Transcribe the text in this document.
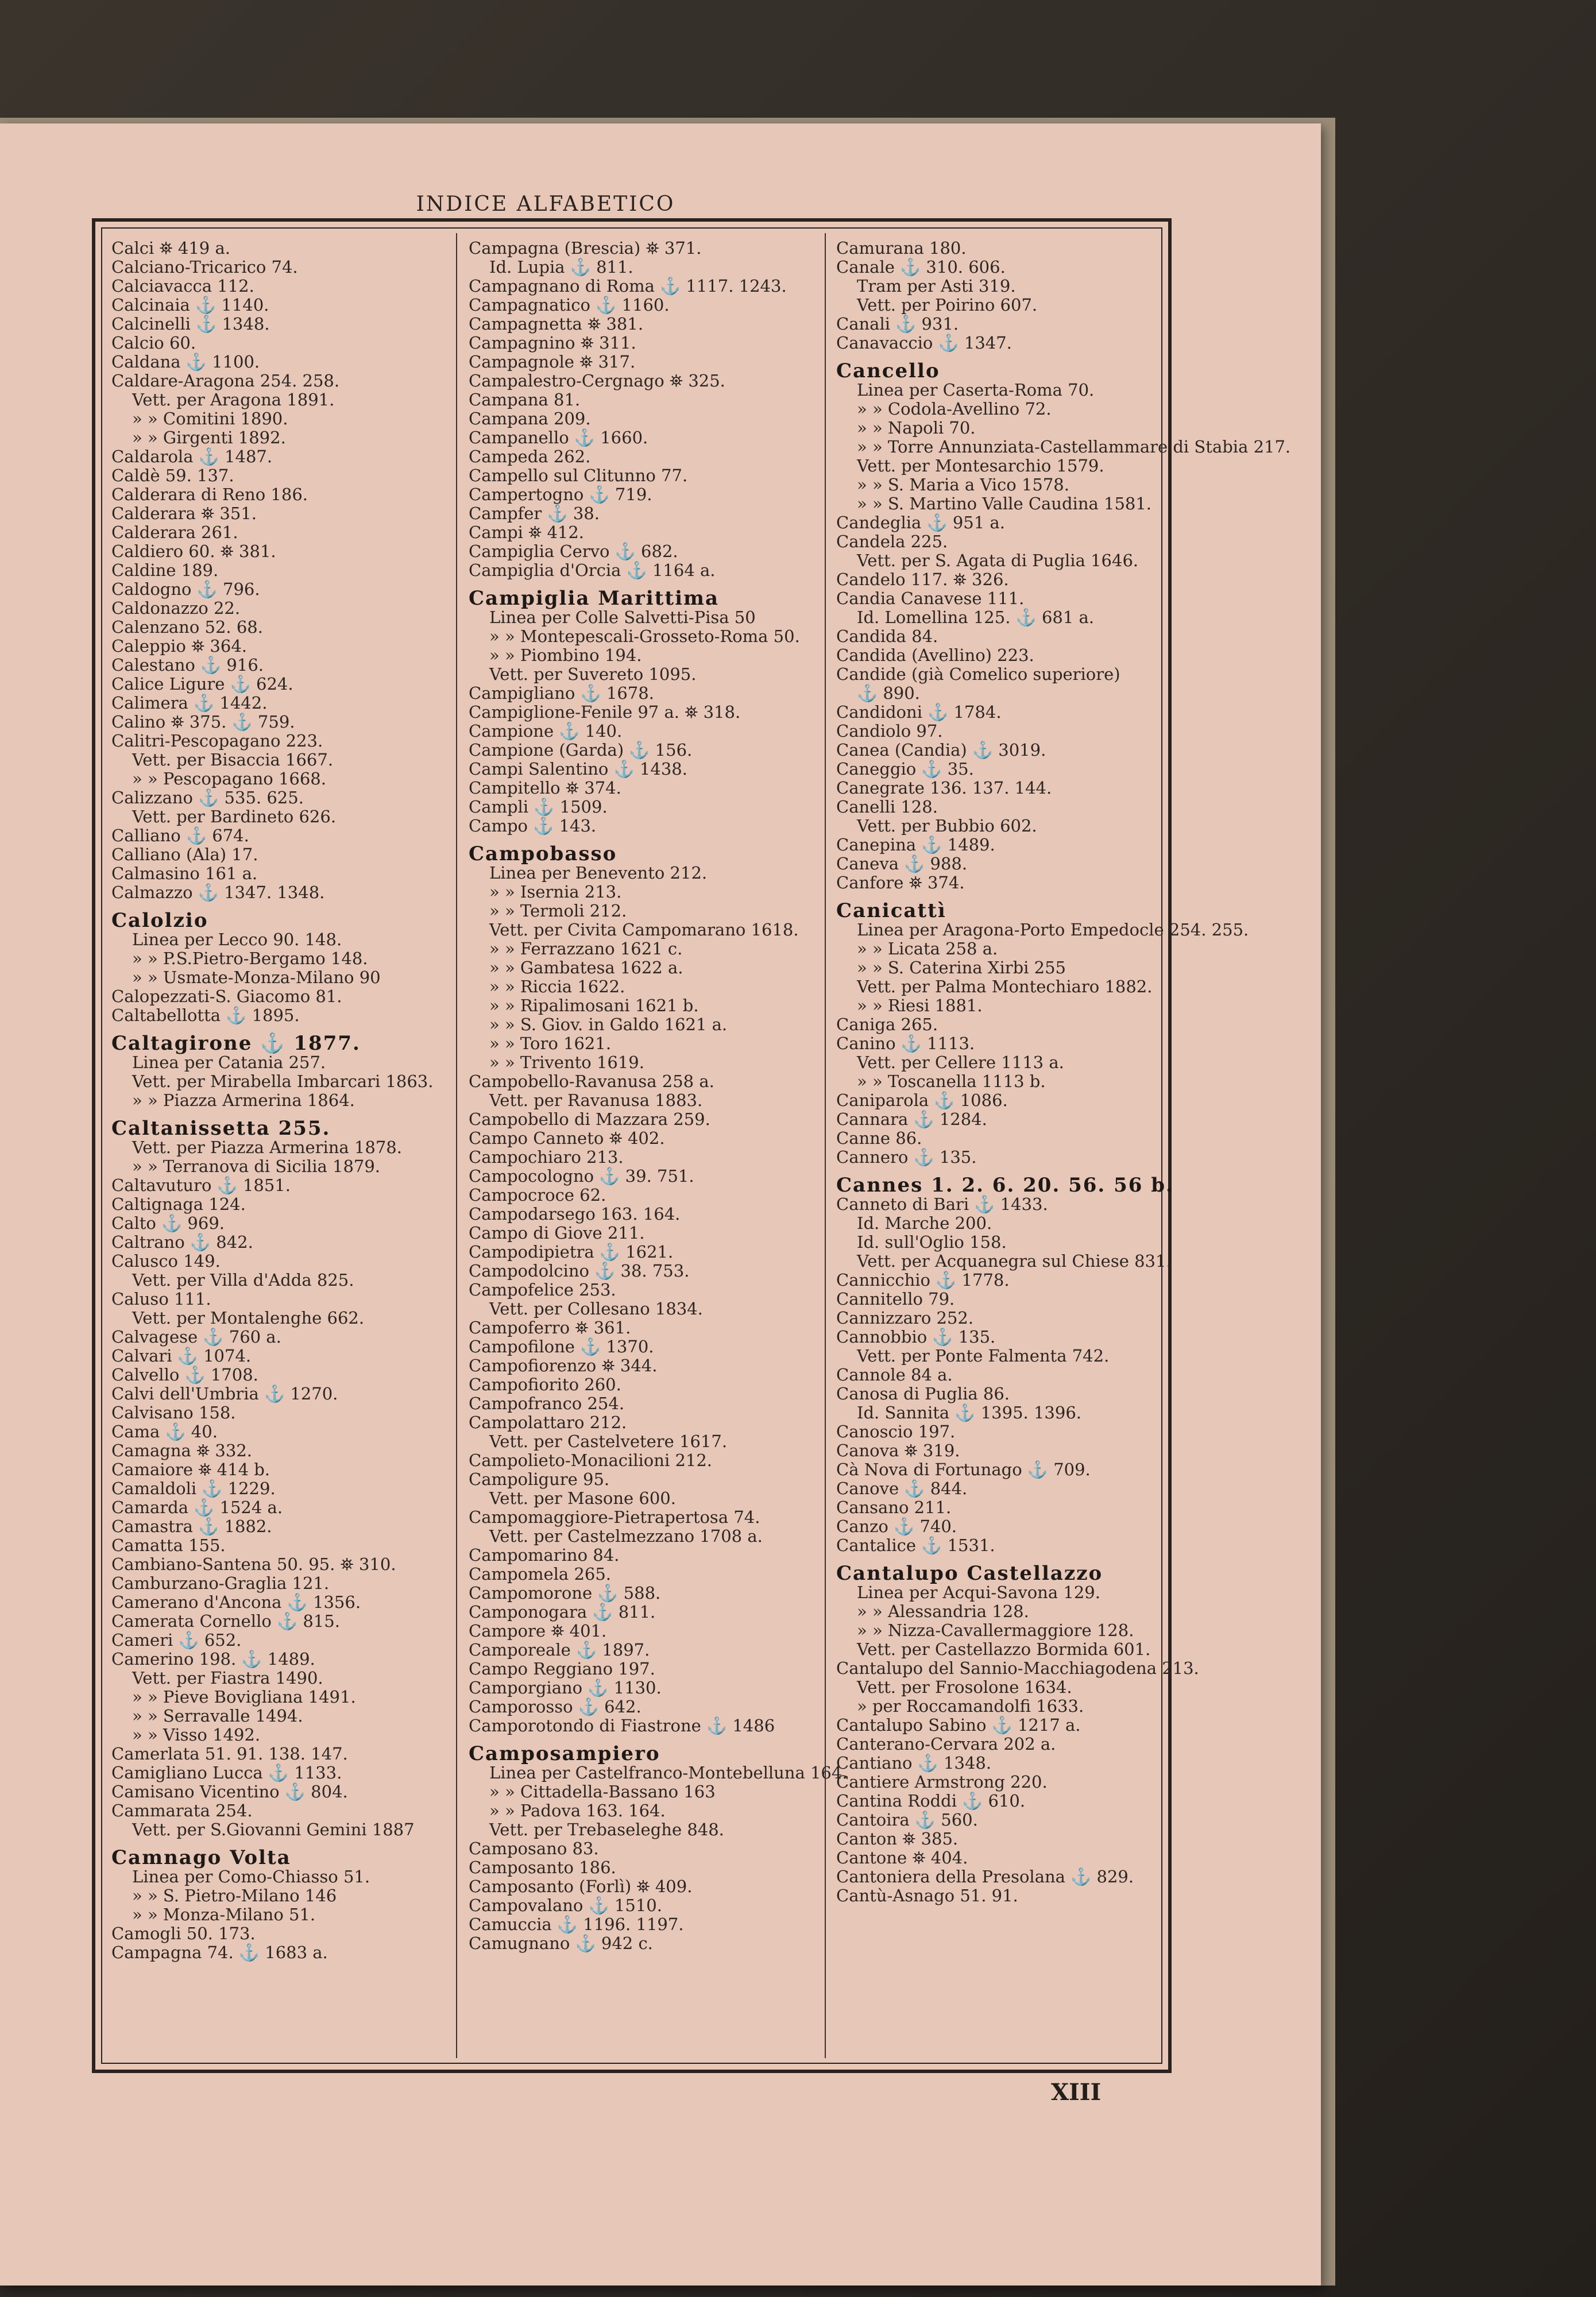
INDICE ALFABETICO
Calci ⛯ 419 a.
Calciano-Tricarico 74.
Calciavacca 112.
Calcinaia ⚓ 1140.
Calcinelli ⚓ 1348.
Calcio 60.
Caldana ⚓ 1100.
Caldare-Aragona 254. 258.
Vett. per Aragona 1891.
» » Comitini 1890.
» » Girgenti 1892.
Caldarola ⚓ 1487.
Caldè 59. 137.
Calderara di Reno 186.
Calderara ⛯ 351.
Calderara 261.
Caldiero 60. ⛯ 381.
Caldine 189.
Caldogno ⚓ 796.
Caldonazzo 22.
Calenzano 52. 68.
Caleppio ⛯ 364.
Calestano ⚓ 916.
Calice Ligure ⚓ 624.
Calimera ⚓ 1442.
Calino ⛯ 375. ⚓ 759.
Calitri-Pescopagano 223.
Vett. per Bisaccia 1667.
» » Pescopagano 1668.
Calizzano ⚓ 535. 625.
Vett. per Bardineto 626.
Calliano ⚓ 674.
Calliano (Ala) 17.
Calmasino 161 a.
Calmazzo ⚓ 1347. 1348.
Calolzio
Linea per Lecco 90. 148.
» » P.S.Pietro-Bergamo 148.
» » Usmate-Monza-Milano 90
Calopezzati-S. Giacomo 81.
Caltabellotta ⚓ 1895.
Caltagirone ⚓ 1877.
Linea per Catania 257.
Vett. per Mirabella Imbarcari 1863.
» » Piazza Armerina 1864.
Caltanissetta 255.
Vett. per Piazza Armerina 1878.
» » Terranova di Sicilia 1879.
Caltavuturo ⚓ 1851.
Caltignaga 124.
Calto ⚓ 969.
Caltrano ⚓ 842.
Calusco 149.
Vett. per Villa d'Adda 825.
Caluso 111.
Vett. per Montalenghe 662.
Calvagese ⚓ 760 a.
Calvari ⚓ 1074.
Calvello ⚓ 1708.
Calvi dell'Umbria ⚓ 1270.
Calvisano 158.
Cama ⚓ 40.
Camagna ⛯ 332.
Camaiore ⛯ 414 b.
Camaldoli ⚓ 1229.
Camarda ⚓ 1524 a.
Camastra ⚓ 1882.
Camatta 155.
Cambiano-Santena 50. 95. ⛯ 310.
Camburzano-Graglia 121.
Camerano d'Ancona ⚓ 1356.
Camerata Cornello ⚓ 815.
Cameri ⚓ 652.
Camerino 198. ⚓ 1489.
Vett. per Fiastra 1490.
» » Pieve Bovigliana 1491.
» » Serravalle 1494.
» » Visso 1492.
Camerlata 51. 91. 138. 147.
Camigliano Lucca ⚓ 1133.
Camisano Vicentino ⚓ 804.
Cammarata 254.
Vett. per S.Giovanni Gemini 1887
Camnago Volta
Linea per Como-Chiasso 51.
» » S. Pietro-Milano 146
» » Monza-Milano 51.
Camogli 50. 173.
Campagna 74. ⚓ 1683 a.
Campagna (Brescia) ⛯ 371.
Id. Lupia ⚓ 811.
Campagnano di Roma ⚓ 1117. 1243.
Campagnatico ⚓ 1160.
Campagnetta ⛯ 381.
Campagnino ⛯ 311.
Campagnole ⛯ 317.
Campalestro-Cergnago ⛯ 325.
Campana 81.
Campana 209.
Campanello ⚓ 1660.
Campeda 262.
Campello sul Clitunno 77.
Campertogno ⚓ 719.
Campfer ⚓ 38.
Campi ⛯ 412.
Campiglia Cervo ⚓ 682.
Campiglia d'Orcia ⚓ 1164 a.
Campiglia Marittima
Linea per Colle Salvetti-Pisa 50
» » Montepescali-Grosseto-Roma 50.
» » Piombino 194.
Vett. per Suvereto 1095.
Campigliano ⚓ 1678.
Campiglione-Fenile 97 a. ⛯ 318.
Campione ⚓ 140.
Campione (Garda) ⚓ 156.
Campi Salentino ⚓ 1438.
Campitello ⛯ 374.
Campli ⚓ 1509.
Campo ⚓ 143.
Campobasso
Linea per Benevento 212.
» » Isernia 213.
» » Termoli 212.
Vett. per Civita Campomarano 1618.
» » Ferrazzano 1621 c.
» » Gambatesa 1622 a.
» » Riccia 1622.
» » Ripalimosani 1621 b.
» » S. Giov. in Galdo 1621 a.
» » Toro 1621.
» » Trivento 1619.
Campobello-Ravanusa 258 a.
Vett. per Ravanusa 1883.
Campobello di Mazzara 259.
Campo Canneto ⛯ 402.
Campochiaro 213.
Campocologno ⚓ 39. 751.
Campocroce 62.
Campodarsego 163. 164.
Campo di Giove 211.
Campodipietra ⚓ 1621.
Campodolcino ⚓ 38. 753.
Campofelice 253.
Vett. per Collesano 1834.
Campoferro ⛯ 361.
Campofilone ⚓ 1370.
Campofiorenzo ⛯ 344.
Campofiorito 260.
Campofranco 254.
Campolattaro 212.
Vett. per Castelvetere 1617.
Campolieto-Monacilioni 212.
Campoligure 95.
Vett. per Masone 600.
Campomaggiore-Pietrapertosa 74.
Vett. per Castelmezzano 1708 a.
Campomarino 84.
Campomela 265.
Campomorone ⚓ 588.
Camponogara ⚓ 811.
Campore ⛯ 401.
Camporeale ⚓ 1897.
Campo Reggiano 197.
Camporgiano ⚓ 1130.
Camporosso ⚓ 642.
Camporotondo di Fiastrone ⚓ 1486
Camposampiero
Linea per Castelfranco-Montebelluna 164.
» » Cittadella-Bassano 163
» » Padova 163. 164.
Vett. per Trebaseleghe 848.
Camposano 83.
Camposanto 186.
Camposanto (Forlì) ⛯ 409.
Campovalano ⚓ 1510.
Camuccia ⚓ 1196. 1197.
Camugnano ⚓ 942 c.
Camurana 180.
Canale ⚓ 310. 606.
Tram per Asti 319.
Vett. per Poirino 607.
Canali ⚓ 931.
Canavaccio ⚓ 1347.
Cancello
Linea per Caserta-Roma 70.
» » Codola-Avellino 72.
» » Napoli 70.
» » Torre Annunziata-Castellammare di Stabia 217.
Vett. per Montesarchio 1579.
» » S. Maria a Vico 1578.
» » S. Martino Valle Caudina 1581.
Candeglia ⚓ 951 a.
Candela 225.
Vett. per S. Agata di Puglia 1646.
Candelo 117. ⛯ 326.
Candia Canavese 111.
Id. Lomellina 125. ⚓ 681 a.
Candida 84.
Candida (Avellino) 223.
Candide (già Comelico superiore)
⚓ 890.
Candidoni ⚓ 1784.
Candiolo 97.
Canea (Candia) ⚓ 3019.
Caneggio ⚓ 35.
Canegrate 136. 137. 144.
Canelli 128.
Vett. per Bubbio 602.
Canepina ⚓ 1489.
Caneva ⚓ 988.
Canfore ⛯ 374.
Canicattì
Linea per Aragona-Porto Empedocle 254. 255.
» » Licata 258 a.
» » S. Caterina Xirbi 255
Vett. per Palma Montechiaro 1882.
» » Riesi 1881.
Caniga 265.
Canino ⚓ 1113.
Vett. per Cellere 1113 a.
» » Toscanella 1113 b.
Caniparola ⚓ 1086.
Cannara ⚓ 1284.
Canne 86.
Cannero ⚓ 135.
Cannes 1. 2. 6. 20. 56. 56 b.
Canneto di Bari ⚓ 1433.
Id. Marche 200.
Id. sull'Oglio 158.
Vett. per Acquanegra sul Chiese 831.
Cannicchio ⚓ 1778.
Cannitello 79.
Cannizzaro 252.
Cannobbio ⚓ 135.
Vett. per Ponte Falmenta 742.
Cannole 84 a.
Canosa di Puglia 86.
Id. Sannita ⚓ 1395. 1396.
Canoscio 197.
Canova ⛯ 319.
Cà Nova di Fortunago ⚓ 709.
Canove ⚓ 844.
Cansano 211.
Canzo ⚓ 740.
Cantalice ⚓ 1531.
Cantalupo Castellazzo
Linea per Acqui-Savona 129.
» » Alessandria 128.
» » Nizza-Cavallermaggiore 128.
Vett. per Castellazzo Bormida 601.
Cantalupo del Sannio-Macchiagodena 213.
Vett. per Frosolone 1634.
» per Roccamandolfi 1633.
Cantalupo Sabino ⚓ 1217 a.
Canterano-Cervara 202 a.
Cantiano ⚓ 1348.
Cantiere Armstrong 220.
Cantina Roddi ⚓ 610.
Cantoira ⚓ 560.
Canton ⛯ 385.
Cantone ⛯ 404.
Cantoniera della Presolana ⚓ 829.
Cantù-Asnago 51. 91.
XIII
